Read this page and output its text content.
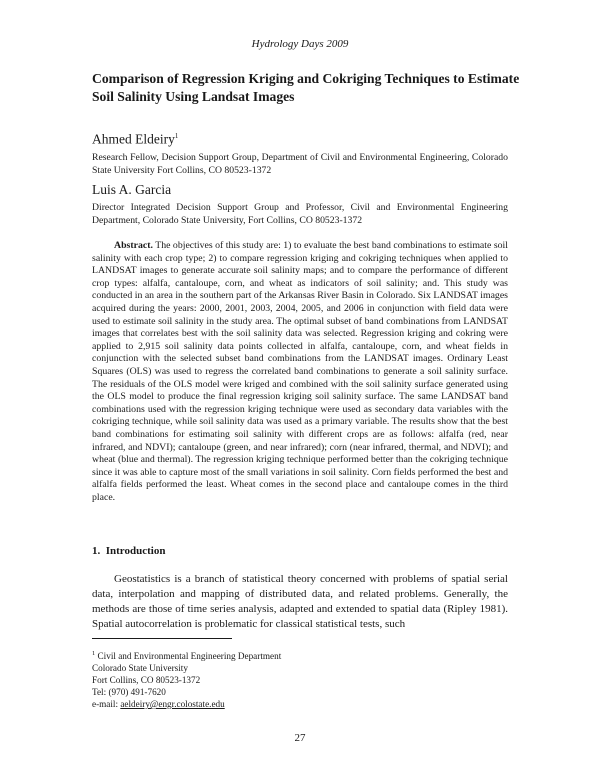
Hydrology Days 2009
Comparison of Regression Kriging and Cokriging Techniques to Estimate Soil Salinity Using Landsat Images
Ahmed Eldeiry$^1$
Research Fellow, Decision Support Group, Department of Civil and Environmental Engineering, Colorado State University Fort Collins, CO 80523-1372
Luis A. Garcia
Director Integrated Decision Support Group and Professor, Civil and Environmental Engineering Department, Colorado State University, Fort Collins, CO 80523-1372
Abstract. The objectives of this study are: 1) to evaluate the best band combinations to estimate soil salinity with each crop type; 2) to compare regression kriging and cokriging techniques when applied to LANDSAT images to generate accurate soil salinity maps; and to compare the performance of different crop types: alfalfa, cantaloupe, corn, and wheat as indicators of soil salinity; and. This study was conducted in an area in the southern part of the Arkansas River Basin in Colorado. Six LANDSAT images acquired during the years: 2000, 2001, 2003, 2004, 2005, and 2006 in conjunction with field data were used to estimate soil salinity in the study area. The optimal subset of band combinations from LANDSAT images that correlates best with the soil salinity data was selected. Regression kriging and cokring were applied to 2,915 soil salinity data points collected in alfalfa, cantaloupe, corn, and wheat fields in conjunction with the selected subset band combinations from the LANDSAT images. Ordinary Least Squares (OLS) was used to regress the correlated band combinations to generate a soil salinity surface. The residuals of the OLS model were kriged and combined with the soil salinity surface generated using the OLS model to produce the final regression kriging soil salinity surface. The same LANDSAT band combinations used with the regression kriging technique were used as secondary data variables with the cokriging technique, while soil salinity data was used as a primary variable. The results show that the best band combinations for estimating soil salinity with different crops are as follows: alfalfa (red, near infrared, and NDVI); cantaloupe (green, and near infrared); corn (near infrared, thermal, and NDVI); and wheat (blue and thermal). The regression kriging technique performed better than the cokriging technique since it was able to capture most of the small variations in soil salinity. Corn fields performed the best and alfalfa fields performed the least. Wheat comes in the second place and cantaloupe comes in the third place.
1. Introduction
Geostatistics is a branch of statistical theory concerned with problems of spatial serial data, interpolation and mapping of distributed data, and related problems. Generally, the methods are those of time series analysis, adapted and extended to spatial data (Ripley 1981). Spatial autocorrelation is problematic for classical statistical tests, such
$^1$ Civil and Environmental Engineering Department
Colorado State University
Fort Collins, CO 80523-1372
Tel: (970) 491-7620
e-mail: aeldeiry@engr.colostate.edu
27
